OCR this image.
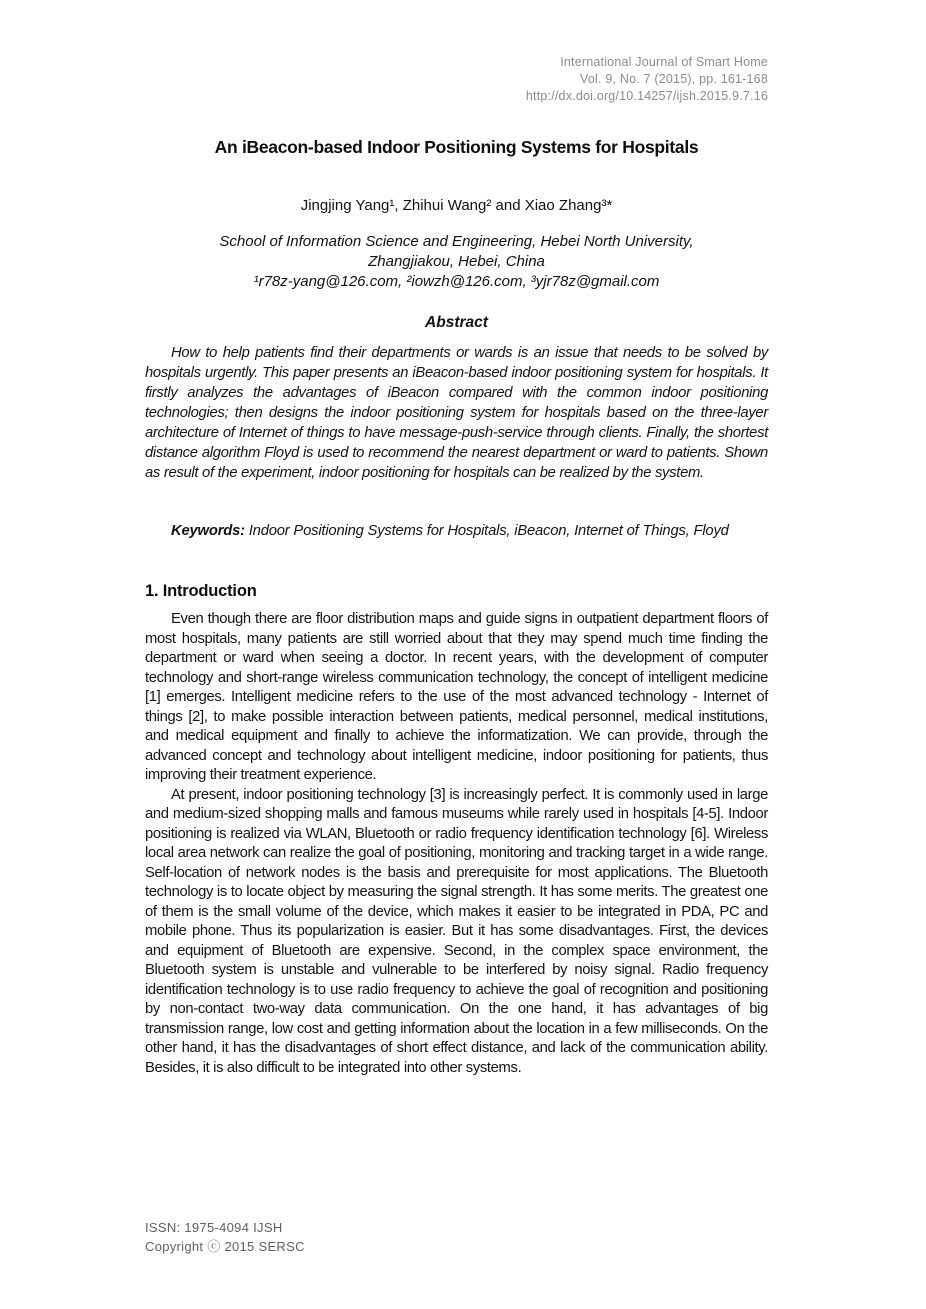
International Journal of Smart Home
Vol. 9, No. 7 (2015), pp. 161-168
http://dx.doi.org/10.14257/ijsh.2015.9.7.16
An iBeacon-based Indoor Positioning Systems for Hospitals
Jingjing Yang¹, Zhihui Wang² and Xiao Zhang³*
School of Information Science and Engineering, Hebei North University,
Zhangjiakou, Hebei, China
¹r78z-yang@126.com, ²iowzh@126.com, ³yjr78z@gmail.com
Abstract
How to help patients find their departments or wards is an issue that needs to be solved by hospitals urgently. This paper presents an iBeacon-based indoor positioning system for hospitals. It firstly analyzes the advantages of iBeacon compared with the common indoor positioning technologies; then designs the indoor positioning system for hospitals based on the three-layer architecture of Internet of things to have message-push-service through clients. Finally, the shortest distance algorithm Floyd is used to recommend the nearest department or ward to patients. Shown as result of the experiment, indoor positioning for hospitals can be realized by the system.
Keywords: Indoor Positioning Systems for Hospitals, iBeacon, Internet of Things, Floyd
1. Introduction

Even though there are floor distribution maps and guide signs in outpatient department floors of most hospitals, many patients are still worried about that they may spend much time finding the department or ward when seeing a doctor. In recent years, with the development of computer technology and short-range wireless communication technology, the concept of intelligent medicine [1] emerges. Intelligent medicine refers to the use of the most advanced technology - Internet of things [2], to make possible interaction between patients, medical personnel, medical institutions, and medical equipment and finally to achieve the informatization. We can provide, through the advanced concept and technology about intelligent medicine, indoor positioning for patients, thus improving their treatment experience.

At present, indoor positioning technology [3] is increasingly perfect. It is commonly used in large and medium-sized shopping malls and famous museums while rarely used in hospitals [4-5]. Indoor positioning is realized via WLAN, Bluetooth or radio frequency identification technology [6]. Wireless local area network can realize the goal of positioning, monitoring and tracking target in a wide range. Self-location of network nodes is the basis and prerequisite for most applications. The Bluetooth technology is to locate object by measuring the signal strength. It has some merits. The greatest one of them is the small volume of the device, which makes it easier to be integrated in PDA, PC and mobile phone. Thus its popularization is easier. But it has some disadvantages. First, the devices and equipment of Bluetooth are expensive. Second, in the complex space environment, the Bluetooth system is unstable and vulnerable to be interfered by noisy signal. Radio frequency identification technology is to use radio frequency to achieve the goal of recognition and positioning by non-contact two-way data communication. On the one hand, it has advantages of big transmission range, low cost and getting information about the location in a few milliseconds. On the other hand, it has the disadvantages of short effect distance, and lack of the communication ability. Besides, it is also difficult to be integrated into other systems.

ISSN: 1975-4094 IJSH
Copyright ⓒ 2015 SERSC
